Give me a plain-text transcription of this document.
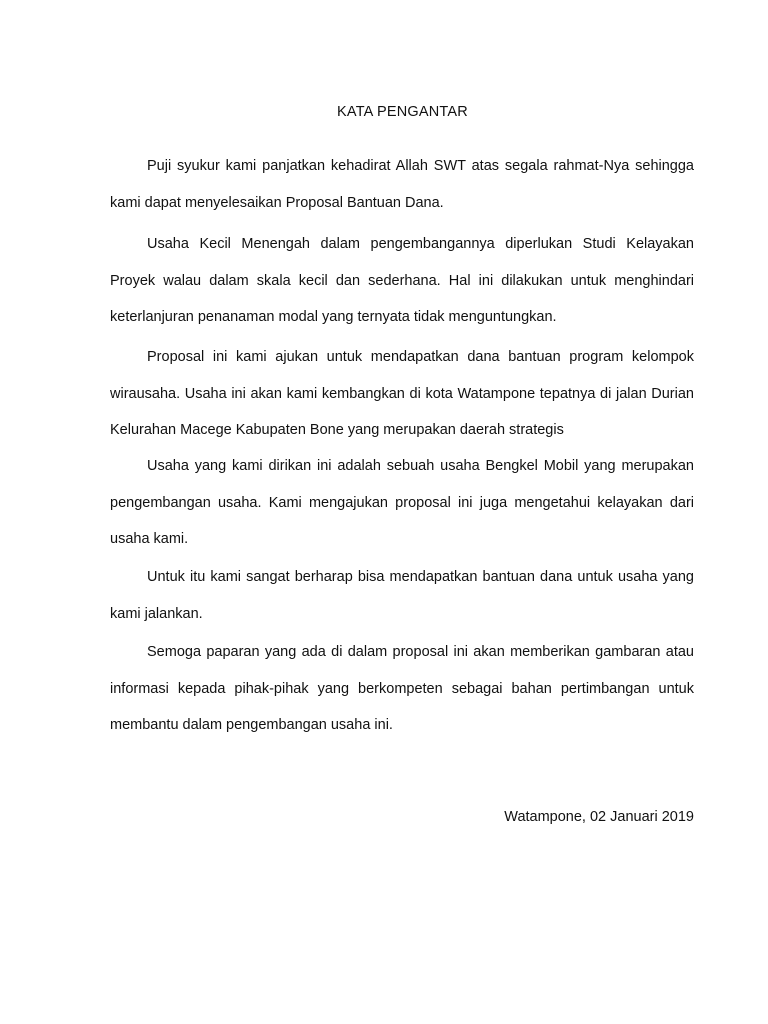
KATA PENGANTAR

Puji syukur kami panjatkan kehadirat Allah SWT atas segala rahmat-Nya sehingga kami dapat menyelesaikan Proposal Bantuan Dana.

Usaha Kecil Menengah dalam pengembangannya diperlukan Studi Kelayakan Proyek walau dalam skala kecil dan sederhana. Hal ini dilakukan untuk menghindari keterlanjuran penanaman modal yang ternyata tidak menguntungkan.

Proposal ini kami ajukan untuk mendapatkan dana bantuan program kelompok wirausaha. Usaha ini akan kami kembangkan di kota Watampone tepatnya di jalan Durian Kelurahan Macege Kabupaten Bone yang merupakan daerah strategis

Usaha yang kami dirikan ini adalah sebuah usaha Bengkel Mobil yang merupakan pengembangan usaha. Kami mengajukan proposal ini juga mengetahui kelayakan dari usaha kami.

Untuk itu kami sangat berharap bisa mendapatkan bantuan dana untuk usaha yang kami jalankan.

Semoga paparan yang ada di dalam proposal ini akan memberikan gambaran atau informasi kepada pihak-pihak yang berkompeten sebagai bahan pertimbangan untuk membantu dalam pengembangan usaha ini.

Watampone, 02 Januari 2019
